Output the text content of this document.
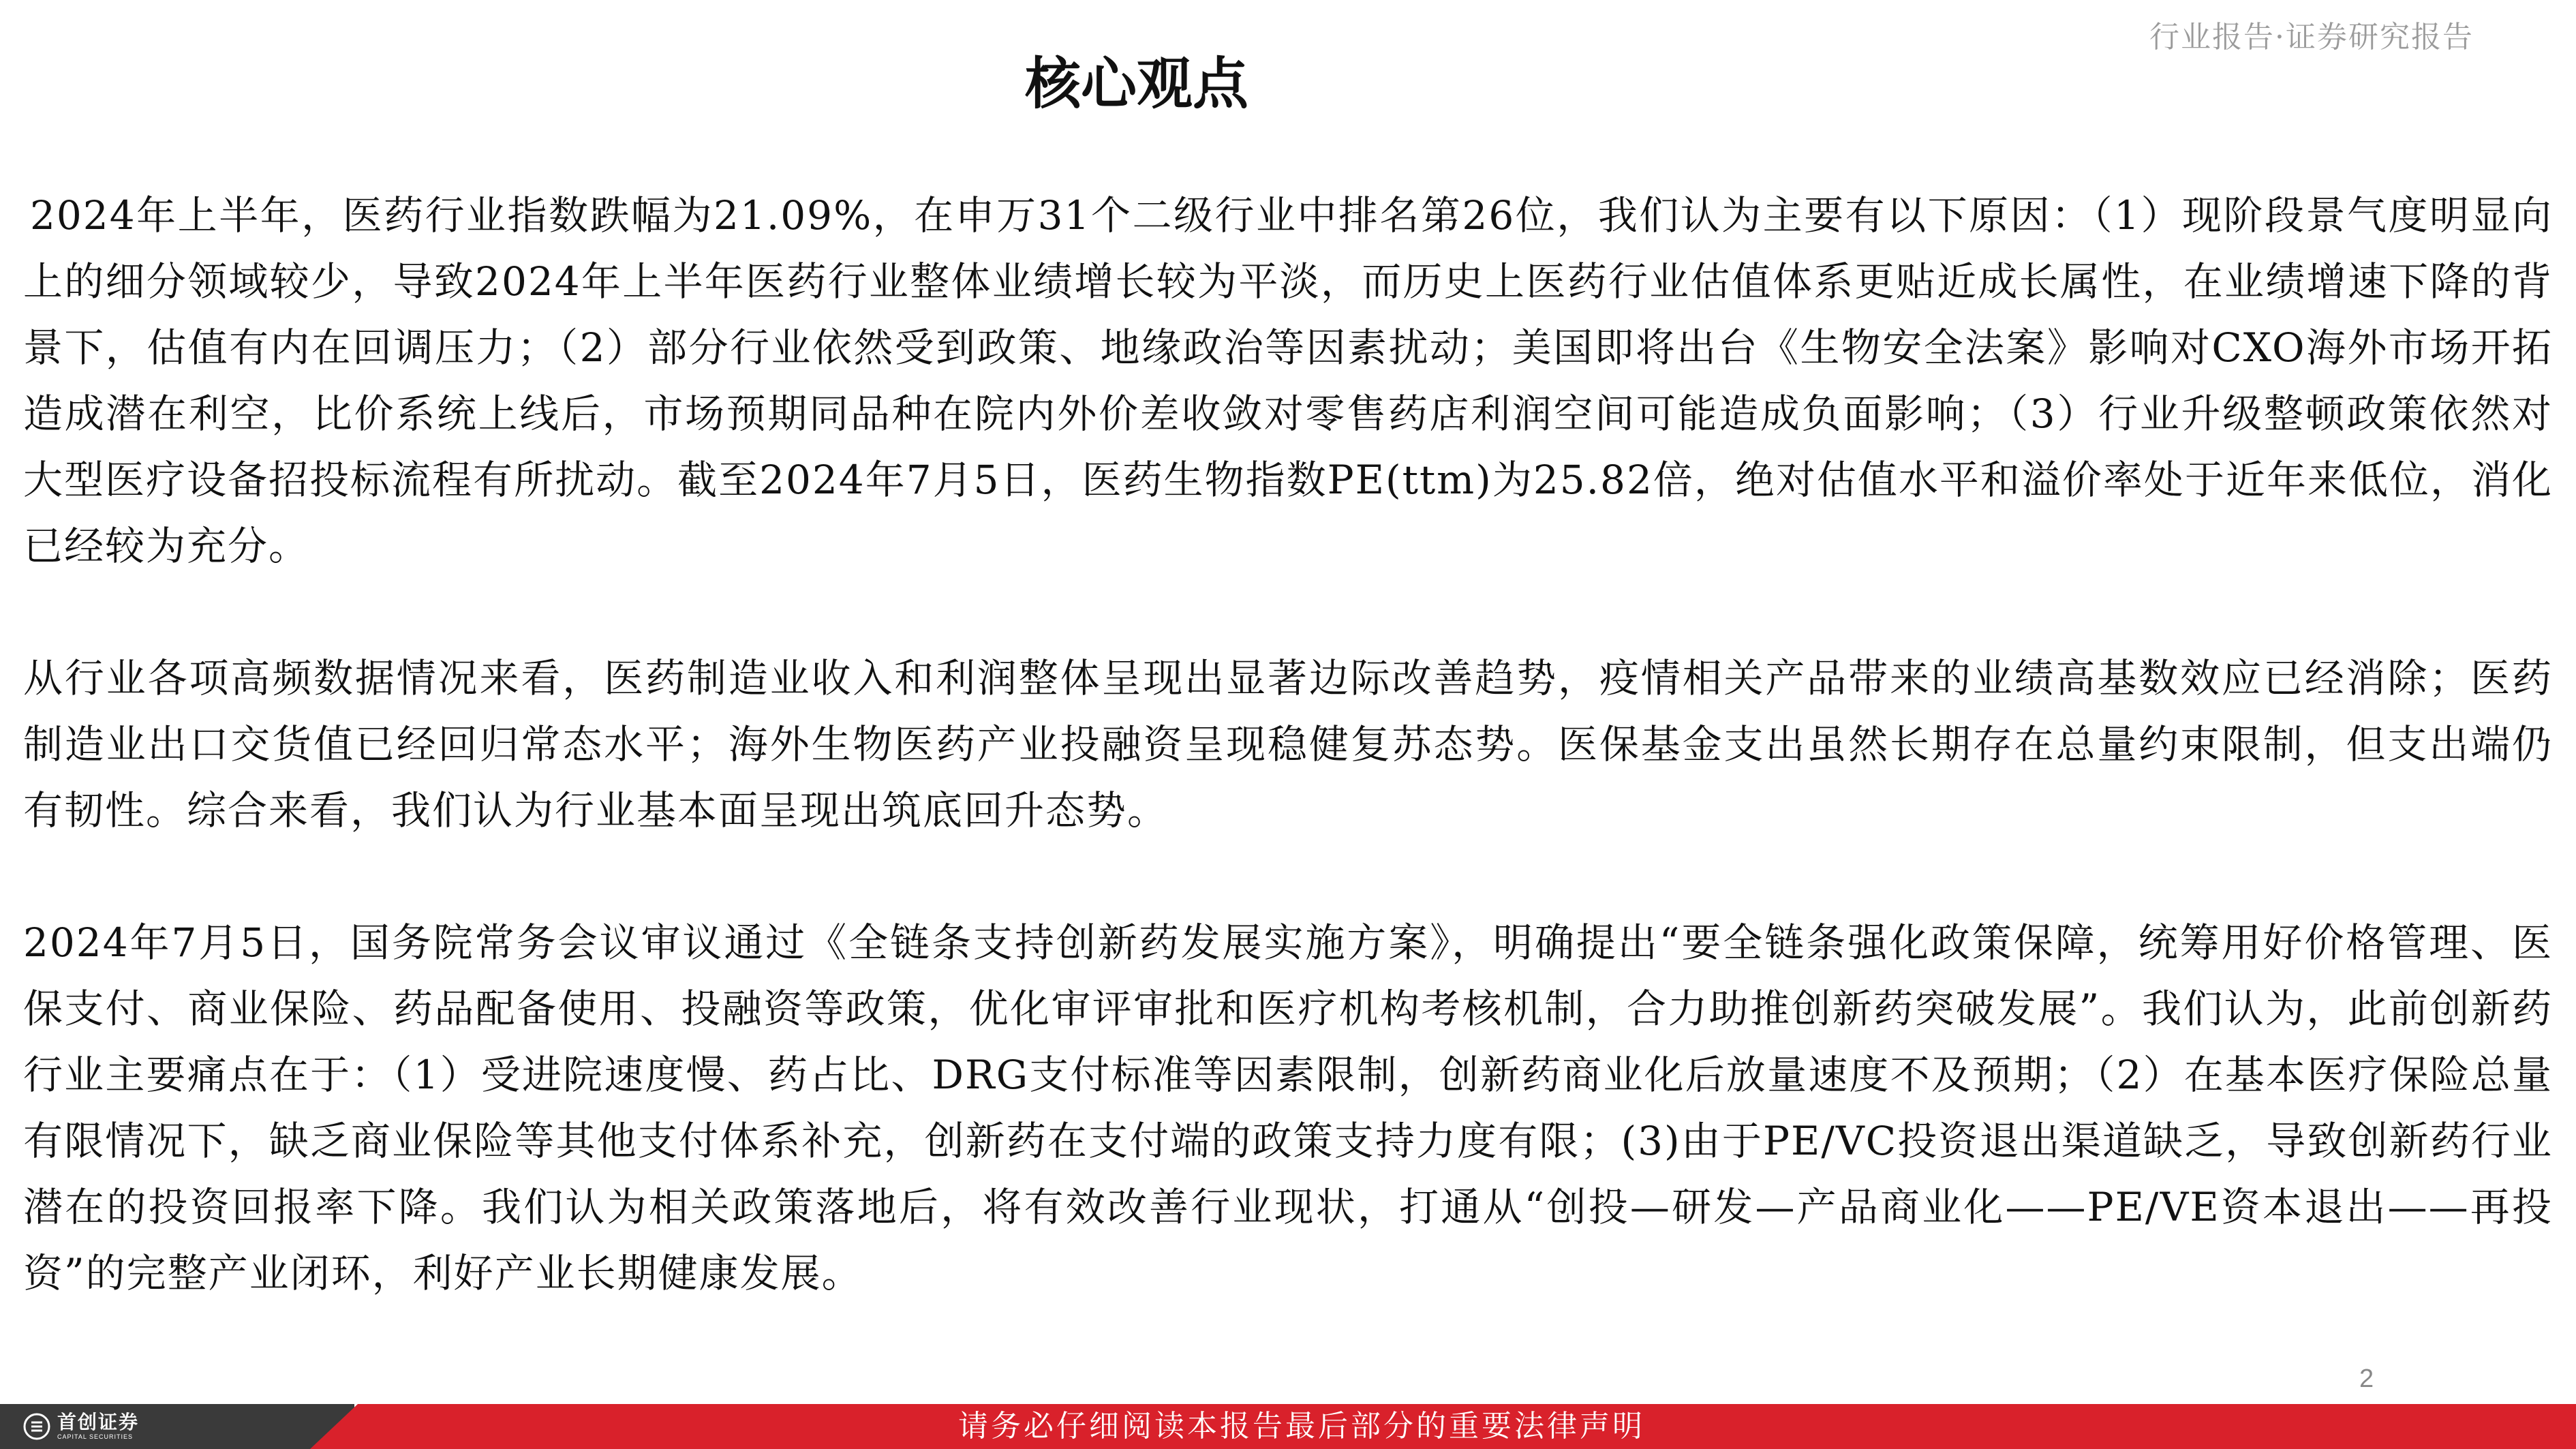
行业报告·证券研究报告
核心观点

2024年上半年，医药行业指数跌幅为21.09%，在申万31个二级行业中排名第26位，我们认为主要有以下原因：（1）现阶段景气度明显向上的细分领域较少，导致2024年上半年医药行业整体业绩增长较为平淡，而历史上医药行业估值体系更贴近成长属性，在业绩增速下降的背景下，估值有内在回调压力；（2）部分行业依然受到政策、地缘政治等因素扰动；美国即将出台《生物安全法案》影响对CXO海外市场开拓造成潜在利空，比价系统上线后，市场预期同品种在院内外价差收敛对零售药店利润空间可能造成负面影响；（3）行业升级整顿政策依然对大型医疗设备招投标流程有所扰动。截至2024年7月5日，医药生物指数PE(ttm)为25.82倍，绝对估值水平和溢价率处于近年来低位，消化已经较为充分。

从行业各项高频数据情况来看，医药制造业收入和利润整体呈现出显著边际改善趋势，疫情相关产品带来的业绩高基数效应已经消除；医药制造业出口交货值已经回归常态水平；海外生物医药产业投融资呈现稳健复苏态势。医保基金支出虽然长期存在总量约束限制，但支出端仍有韧性。综合来看，我们认为行业基本面呈现出筑底回升态势。

2024年7月5日，国务院常务会议审议通过《全链条支持创新药发展实施方案》，明确提出“要全链条强化政策保障，统筹用好价格管理、医保支付、商业保险、药品配备使用、投融资等政策，优化审评审批和医疗机构考核机制，合力助推创新药突破发展”。我们认为，此前创新药行业主要痛点在于：（1）受进院速度慢、药占比、DRG支付标准等因素限制，创新药商业化后放量速度不及预期；（2）在基本医疗保险总量有限情况下，缺乏商业保险等其他支付体系补充，创新药在支付端的政策支持力度有限；(3)由于PE/VC投资退出渠道缺乏，导致创新药行业潜在的投资回报率下降。我们认为相关政策落地后，将有效改善行业现状，打通从“创投—研发—产品商业化——PE/VE资本退出——再投资”的完整产业闭环，利好产业长期健康发展。

2
首创证券
CAPITAL SECURITIES	请务必仔细阅读本报告最后部分的重要法律声明
